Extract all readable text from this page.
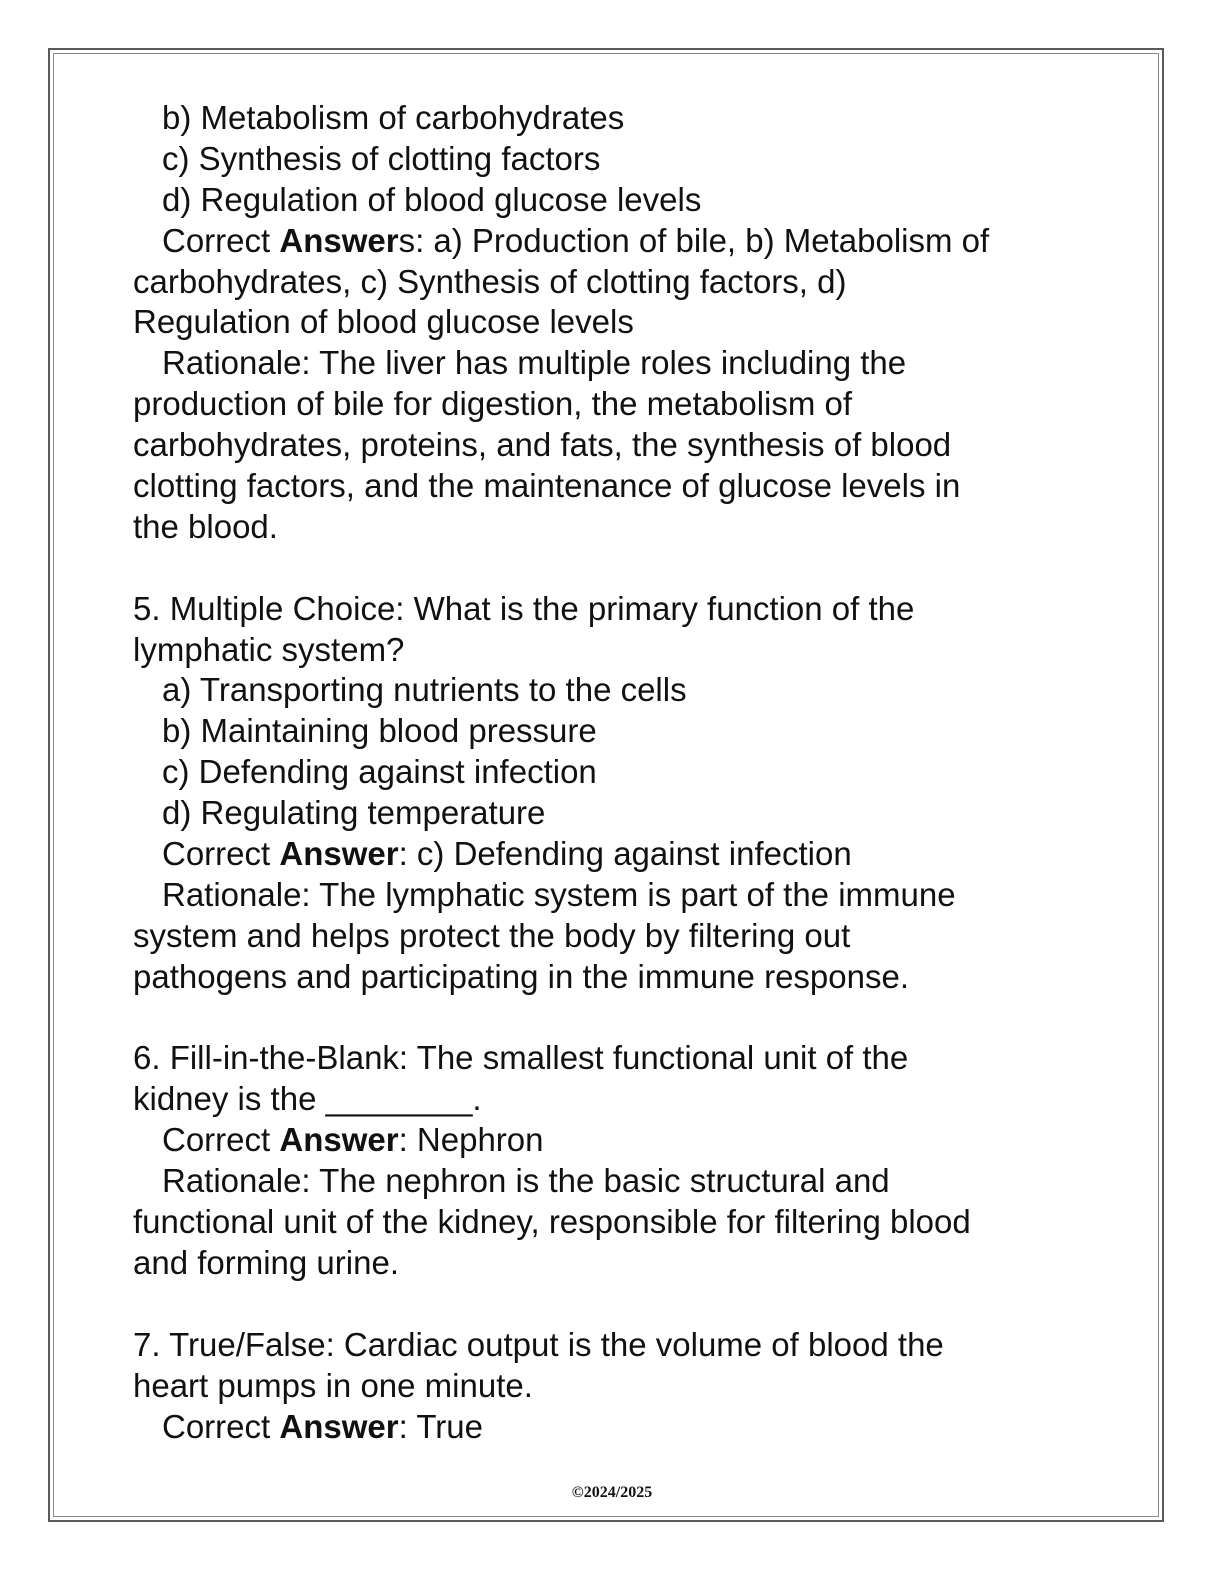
b) Metabolism of carbohydrates
c) Synthesis of clotting factors
d) Regulation of blood glucose levels
Correct Answers: a) Production of bile, b) Metabolism of
carbohydrates, c) Synthesis of clotting factors, d)
Regulation of blood glucose levels
Rationale: The liver has multiple roles including the
production of bile for digestion, the metabolism of
carbohydrates, proteins, and fats, the synthesis of blood
clotting factors, and the maintenance of glucose levels in
the blood.
5. Multiple Choice: What is the primary function of the
lymphatic system?
a) Transporting nutrients to the cells
b) Maintaining blood pressure
c) Defending against infection
d) Regulating temperature
Correct Answer: c) Defending against infection
Rationale: The lymphatic system is part of the immune
system and helps protect the body by filtering out
pathogens and participating in the immune response.
6. Fill-in-the-Blank: The smallest functional unit of the
kidney is the ________.
Correct Answer: Nephron
Rationale: The nephron is the basic structural and
functional unit of the kidney, responsible for filtering blood
and forming urine.
7. True/False: Cardiac output is the volume of blood the
heart pumps in one minute.
Correct Answer: True
©2024/2025
